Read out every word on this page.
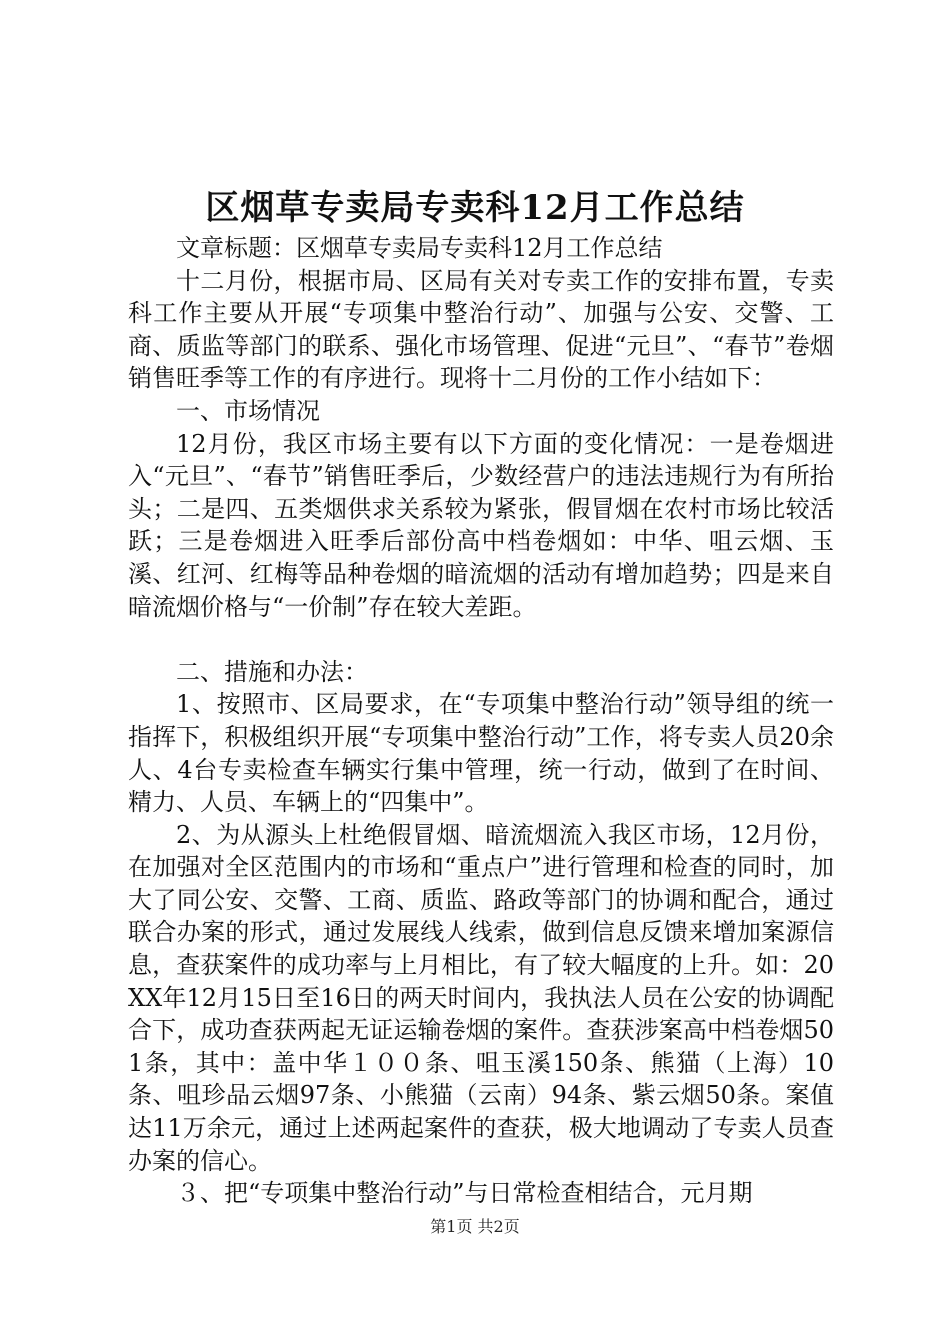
区烟草专卖局专卖科12月工作总结

文章标题：区烟草专卖局专卖科12月工作总结

十二月份，根据市局、区局有关对专卖工作的安排布置，专卖科工作主要从开展“专项集中整治行动”、加强与公安、交警、工商、质监等部门的联系、强化市场管理、促进“元旦”、“春节”卷烟销售旺季等工作的有序进行。现将十二月份的工作小结如下：

一、市场情况

12月份，我区市场主要有以下方面的变化情况：一是卷烟进入“元旦”、“春节”销售旺季后，少数经营户的违法违规行为有所抬头；二是四、五类烟供求关系较为紧张，假冒烟在农村市场比较活跃；三是卷烟进入旺季后部份高中档卷烟如：中华、咀云烟、玉溪、红河、红梅等品种卷烟的暗流烟的活动有增加趋势；四是来自暗流烟价格与“一价制”存在较大差距。

二、措施和办法：

1、按照市、区局要求，在“专项集中整治行动”领导组的统一指挥下，积极组织开展“专项集中整治行动”工作，将专卖人员20余人、4台专卖检查车辆实行集中管理，统一行动，做到了在时间、精力、人员、车辆上的“四集中”。

2、为从源头上杜绝假冒烟、暗流烟流入我区市场，12月份，在加强对全区范围内的市场和“重点户”进行管理和检查的同时，加大了同公安、交警、工商、质监、路政等部门的协调和配合，通过联合办案的形式，通过发展线人线索，做到信息反馈来增加案源信息，查获案件的成功率与上月相比，有了较大幅度的上升。如：20XX年12月15日至16日的两天时间内，我执法人员在公安的协调配合下，成功查获两起无证运输卷烟的案件。查获涉案高中档卷烟501条，其中：盖中华１００条、咀玉溪150条、熊猫（上海）10条、咀珍品云烟97条、小熊猫（云南）94条、紫云烟50条。案值达11万余元，通过上述两起案件的查获，极大地调动了专卖人员查办案的信心。

３、把“专项集中整治行动”与日常检查相结合，元月期

第1页 共2页
